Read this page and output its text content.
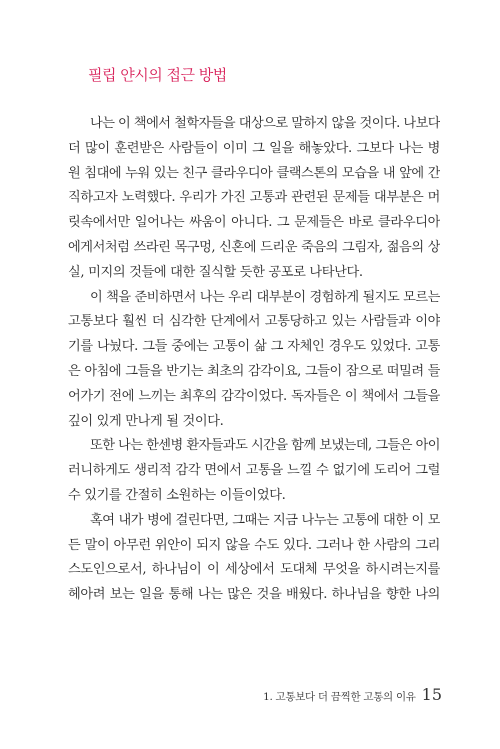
필립 얀시의 접근 방법

나는 이 책에서 철학자들을 대상으로 말하지 않을 것이다. 나보다
더 많이 훈련받은 사람들이 이미 그 일을 해놓았다. 그보다 나는 병
원 침대에 누워 있는 친구 클라우디아 클랙스톤의 모습을 내 앞에 간
직하고자 노력했다. 우리가 가진 고통과 관련된 문제들 대부분은 머
릿속에서만 일어나는 싸움이 아니다. 그 문제들은 바로 클라우디아
에게서처럼 쓰라린 목구멍, 신혼에 드리운 죽음의 그림자, 젊음의 상
실, 미지의 것들에 대한 질식할 듯한 공포로 나타난다.

이 책을 준비하면서 나는 우리 대부분이 경험하게 될지도 모르는
고통보다 훨씬 더 심각한 단계에서 고통당하고 있는 사람들과 이야
기를 나눴다. 그들 중에는 고통이 삶 그 자체인 경우도 있었다. 고통
은 아침에 그들을 반기는 최초의 감각이요, 그들이 잠으로 떠밀려 들
어가기 전에 느끼는 최후의 감각이었다. 독자들은 이 책에서 그들을
깊이 있게 만나게 될 것이다.

또한 나는 한센병 환자들과도 시간을 함께 보냈는데, 그들은 아이
러니하게도 생리적 감각 면에서 고통을 느낄 수 없기에 도리어 그럴
수 있기를 간절히 소원하는 이들이었다.

혹여 내가 병에 걸린다면, 그때는 지금 나누는 고통에 대한 이 모
든 말이 아무런 위안이 되지 않을 수도 있다. 그러나 한 사람의 그리
스도인으로서, 하나님이 이 세상에서 도대체 무엇을 하시려는지를
헤아려 보는 일을 통해 나는 많은 것을 배웠다. 하나님을 향한 나의

1. 고통보다 더 끔찍한 고통의 이유 15
